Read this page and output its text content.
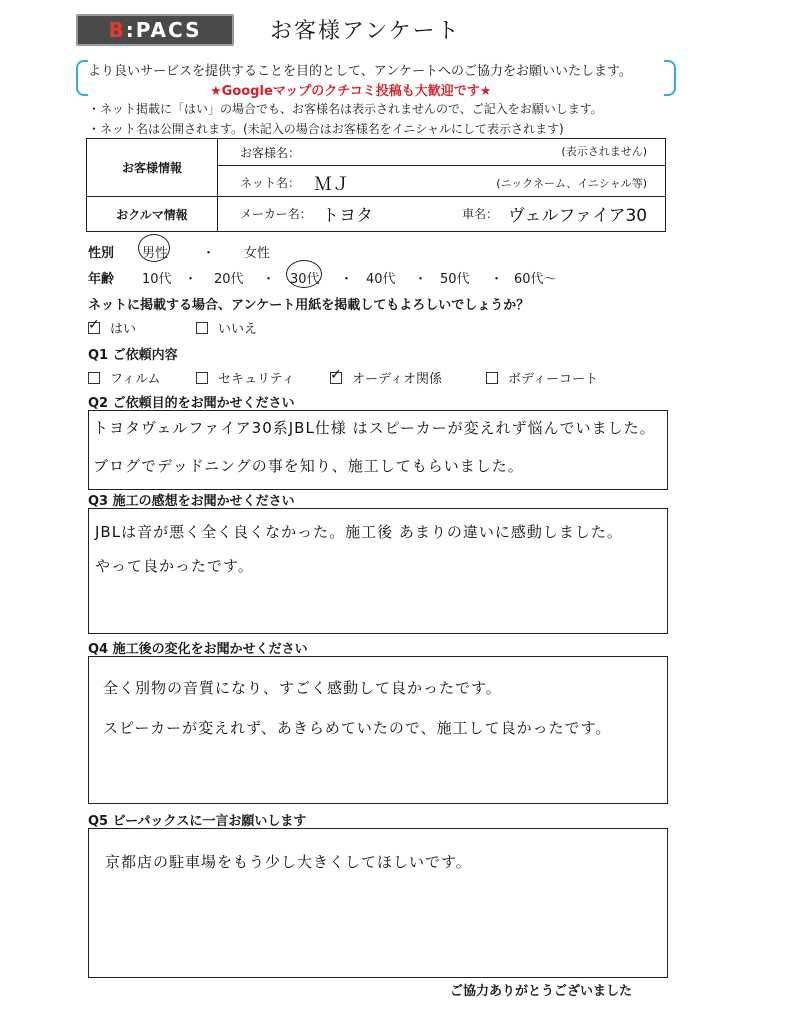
B :PACS	お客様アンケート
より良いサービスを提供することを目的として、アンケートへのご協力をお願いいたします。
★Googleマップのクチコミ投稿も大歓迎です★
・ネット掲載に「はい」の場合でも、お客様名は表示されませんので、ご記入をお願いします。
・ネット名は公開されます。(未記入の場合はお客様名をイニシャルにして表示されます)
お客様情報	お客様名： (表示されません)

	ネット名： ＭＪ (ニックネーム、イニシャル等)

おクルマ情報	メーカー名： トヨタ 車名： ヴェルファイア30
性別 男性	・ 女性
年齢 10代 ・ 20代 ・ 30代 ・ 40代 ・ 50代 ・ 60代～
ネットに掲載する場合、アンケート用紙を掲載してもよろしいでしょうか？
✓ はい	いいえ
Q1 ご依頼内容
フィルム	セキュリティ	✓ オーディオ関係	ボディーコート
Q2 ご依頼目的をお聞かせください
トヨタヴェルファイア30系JBL仕様 はスピーカーが変えれず悩んでいました。
ブログでデッドニングの事を知り、施工してもらいました。
Q3 施工の感想をお聞かせください
JBLは音が悪く全く良くなかった。施工後 あまりの違いに感動しました。
やって良かったです。
Q4 施工後の変化をお聞かせください
全く別物の音質になり、すごく感動して良かったです。
スピーカーが変えれず、あきらめていたので、施工して良かったです。
Q5 ビーパックスに一言お願いします
京都店の駐車場をもう少し大きくしてほしいです。
ご協力ありがとうございました
